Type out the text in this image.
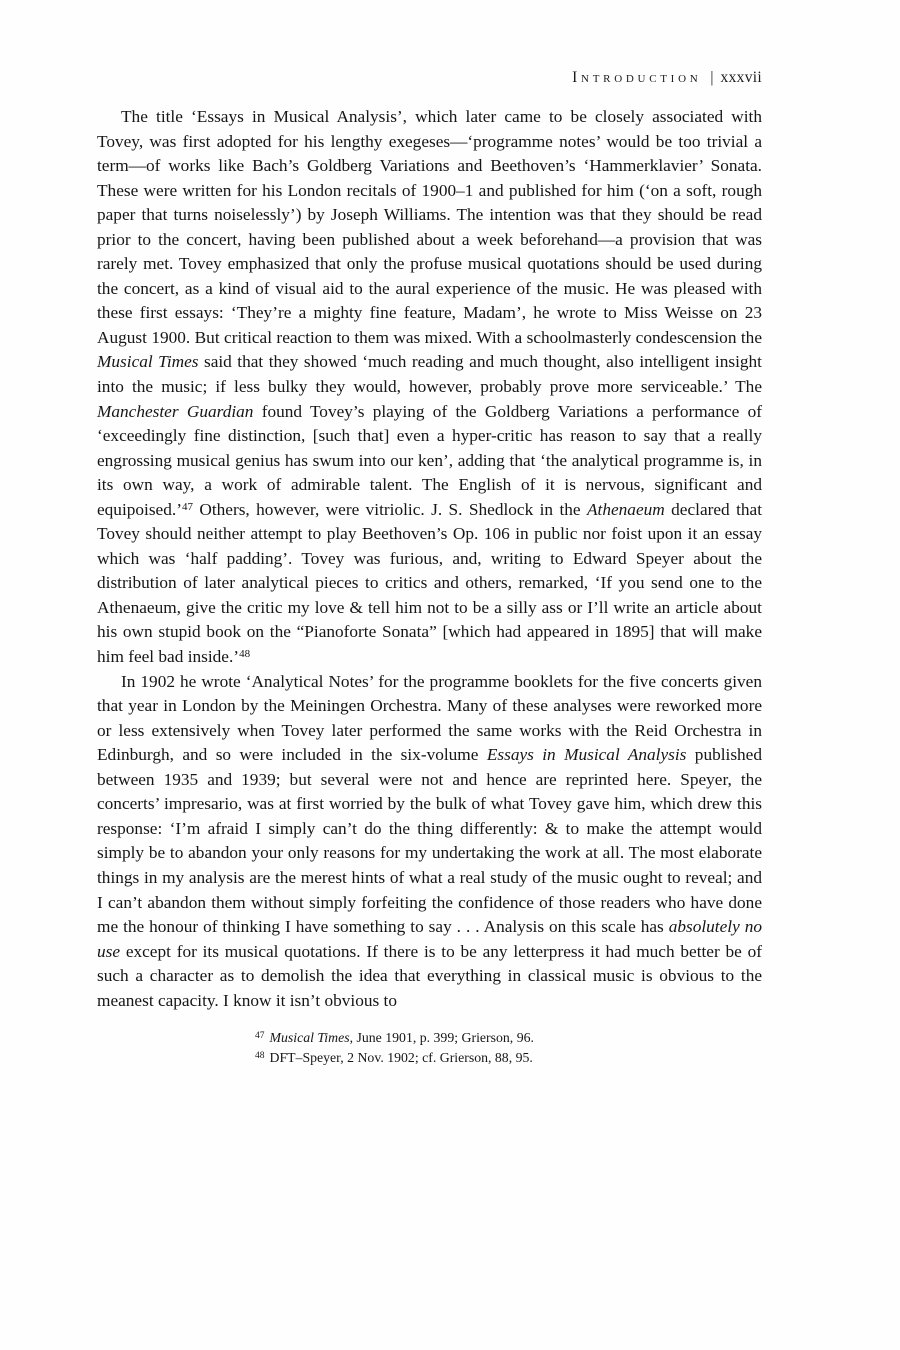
Introduction | xxxvii

The title ‘Essays in Musical Analysis’, which later came to be closely associated with Tovey, was first adopted for his lengthy exegeses—‘programme notes’ would be too trivial a term—of works like Bach’s Goldberg Variations and Beethoven’s ‘Hammerklavier’ Sonata. These were written for his London recitals of 1900–1 and published for him (‘on a soft, rough paper that turns noiselessly’) by Joseph Williams. The intention was that they should be read prior to the concert, having been published about a week beforehand—a provision that was rarely met. Tovey emphasized that only the profuse musical quotations should be used during the concert, as a kind of visual aid to the aural experience of the music. He was pleased with these first essays: ‘They’re a mighty fine feature, Madam’, he wrote to Miss Weisse on 23 August 1900. But critical reaction to them was mixed. With a schoolmasterly condescension the Musical Times said that they showed ‘much reading and much thought, also intelligent insight into the music; if less bulky they would, however, probably prove more serviceable.’ The Manchester Guardian found Tovey’s playing of the Goldberg Variations a performance of ‘exceedingly fine distinction, [such that] even a hyper-critic has reason to say that a really engrossing musical genius has swum into our ken’, adding that ‘the analytical programme is, in its own way, a work of admirable talent. The English of it is nervous, significant and equipoised.’$^{47}$ Others, however, were vitriolic. J. S. Shedlock in the Athenaeum declared that Tovey should neither attempt to play Beethoven’s Op. 106 in public nor foist upon it an essay which was ‘half padding’. Tovey was furious, and, writing to Edward Speyer about the distribution of later analytical pieces to critics and others, remarked, ‘If you send one to the Athenaeum, give the critic my love & tell him not to be a silly ass or I’ll write an article about his own stupid book on the “Pianoforte Sonata” [which had appeared in 1895] that will make him feel bad inside.’$^{48}$

In 1902 he wrote ‘Analytical Notes’ for the programme booklets for the five concerts given that year in London by the Meiningen Orchestra. Many of these analyses were reworked more or less extensively when Tovey later performed the same works with the Reid Orchestra in Edinburgh, and so were included in the six-volume Essays in Musical Analysis published between 1935 and 1939; but several were not and hence are reprinted here. Speyer, the concerts’ impresario, was at first worried by the bulk of what Tovey gave him, which drew this response: ‘I’m afraid I simply can’t do the thing differently: & to make the attempt would simply be to abandon your only reasons for my undertaking the work at all. The most elaborate things in my analysis are the merest hints of what a real study of the music ought to reveal; and I can’t abandon them without simply forfeiting the confidence of those readers who have done me the honour of thinking I have something to say . . . Analysis on this scale has absolutely no use except for its musical quotations. If there is to be any letterpress it had much better be of such a character as to demolish the idea that everything in classical music is obvious to the meanest capacity. I know it isn’t obvious to

$^{47}$ Musical Times, June 1901, p. 399; Grierson, 96.
$^{48}$ DFT–Speyer, 2 Nov. 1902; cf. Grierson, 88, 95.
